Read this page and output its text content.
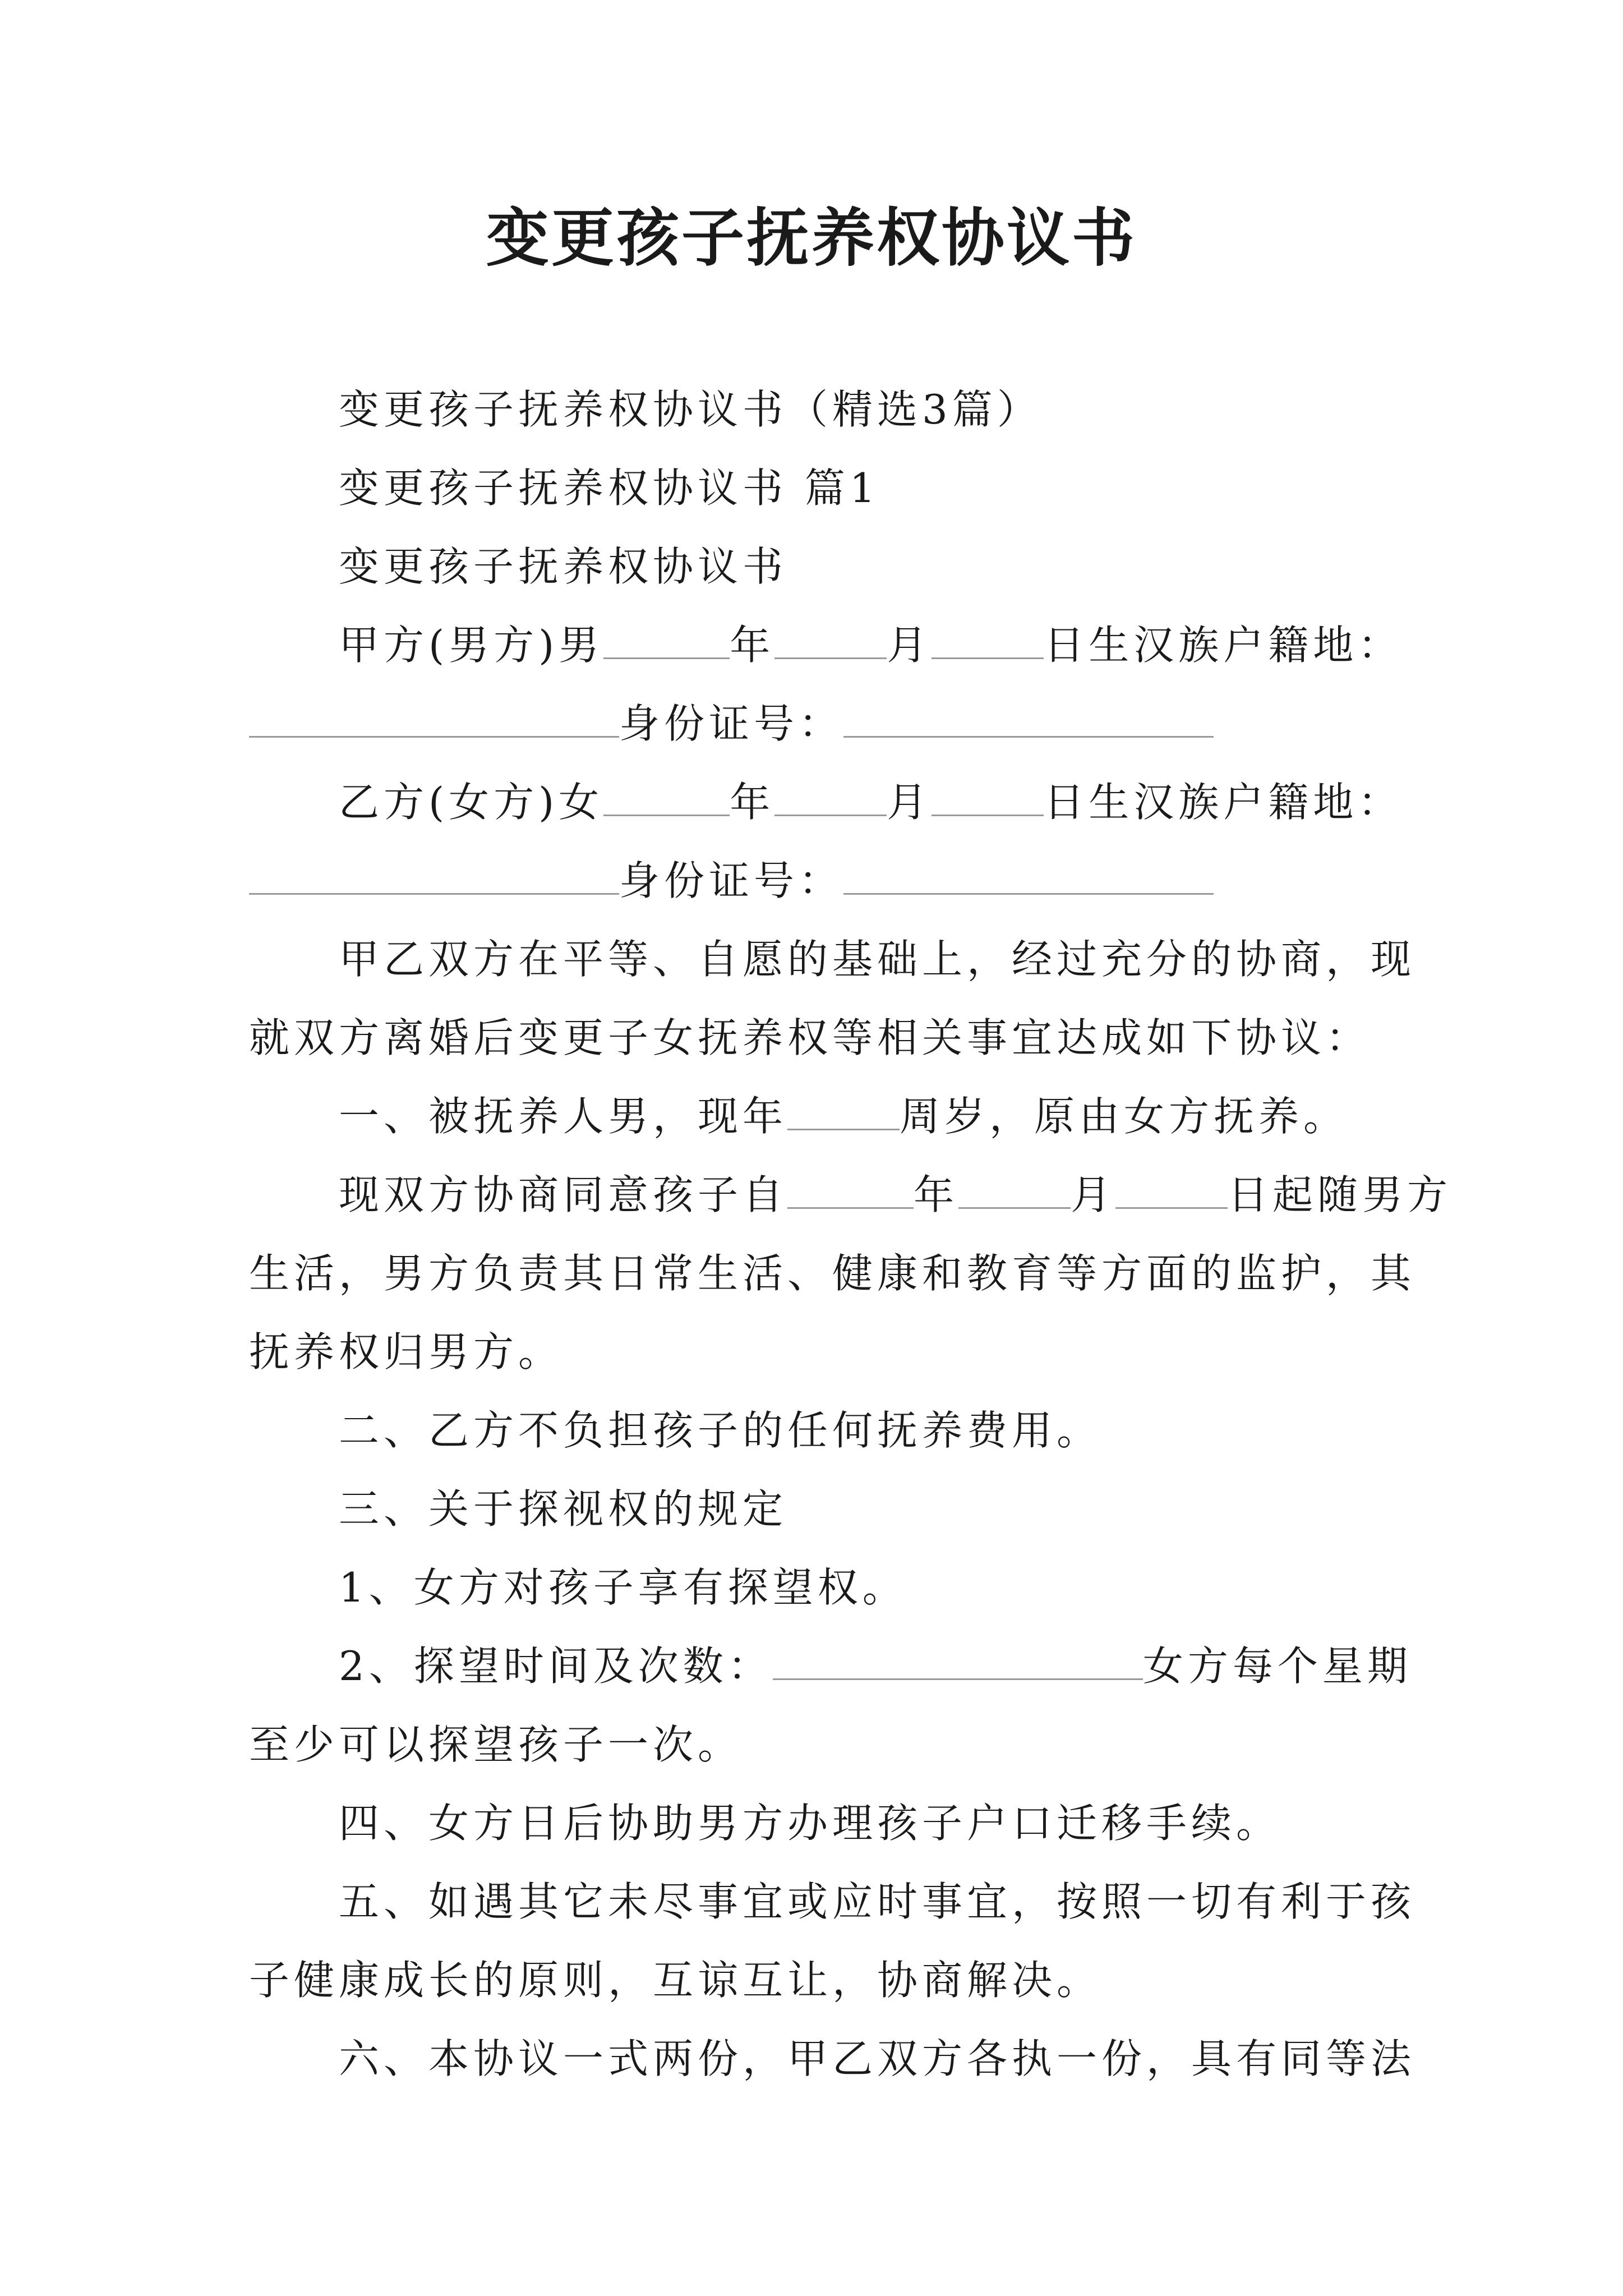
变更孩子抚养权协议书
变更孩子抚养权协议书（精选3篇）
变更孩子抚养权协议书 篇1
变更孩子抚养权协议书
甲方(男方)男	年	月	日生汉族户籍地：
身份证号：
乙方(女方)女	年	月	日生汉族户籍地：
身份证号：
甲乙双方在平等、自愿的基础上，经过充分的协商，现
就双方离婚后变更子女抚养权等相关事宜达成如下协议：
一、被抚养人男，现年	周岁，原由女方抚养。
现双方协商同意孩子自	年	月	日起随男方
生活，男方负责其日常生活、健康和教育等方面的监护，其
抚养权归男方。
二、乙方不负担孩子的任何抚养费用。
三、关于探视权的规定
1、女方对孩子享有探望权。
2、探望时间及次数：	女方每个星期
至少可以探望孩子一次。
四、女方日后协助男方办理孩子户口迁移手续。
五、如遇其它未尽事宜或应时事宜，按照一切有利于孩
子健康成长的原则，互谅互让，协商解决。
六、本协议一式两份，甲乙双方各执一份，具有同等法
